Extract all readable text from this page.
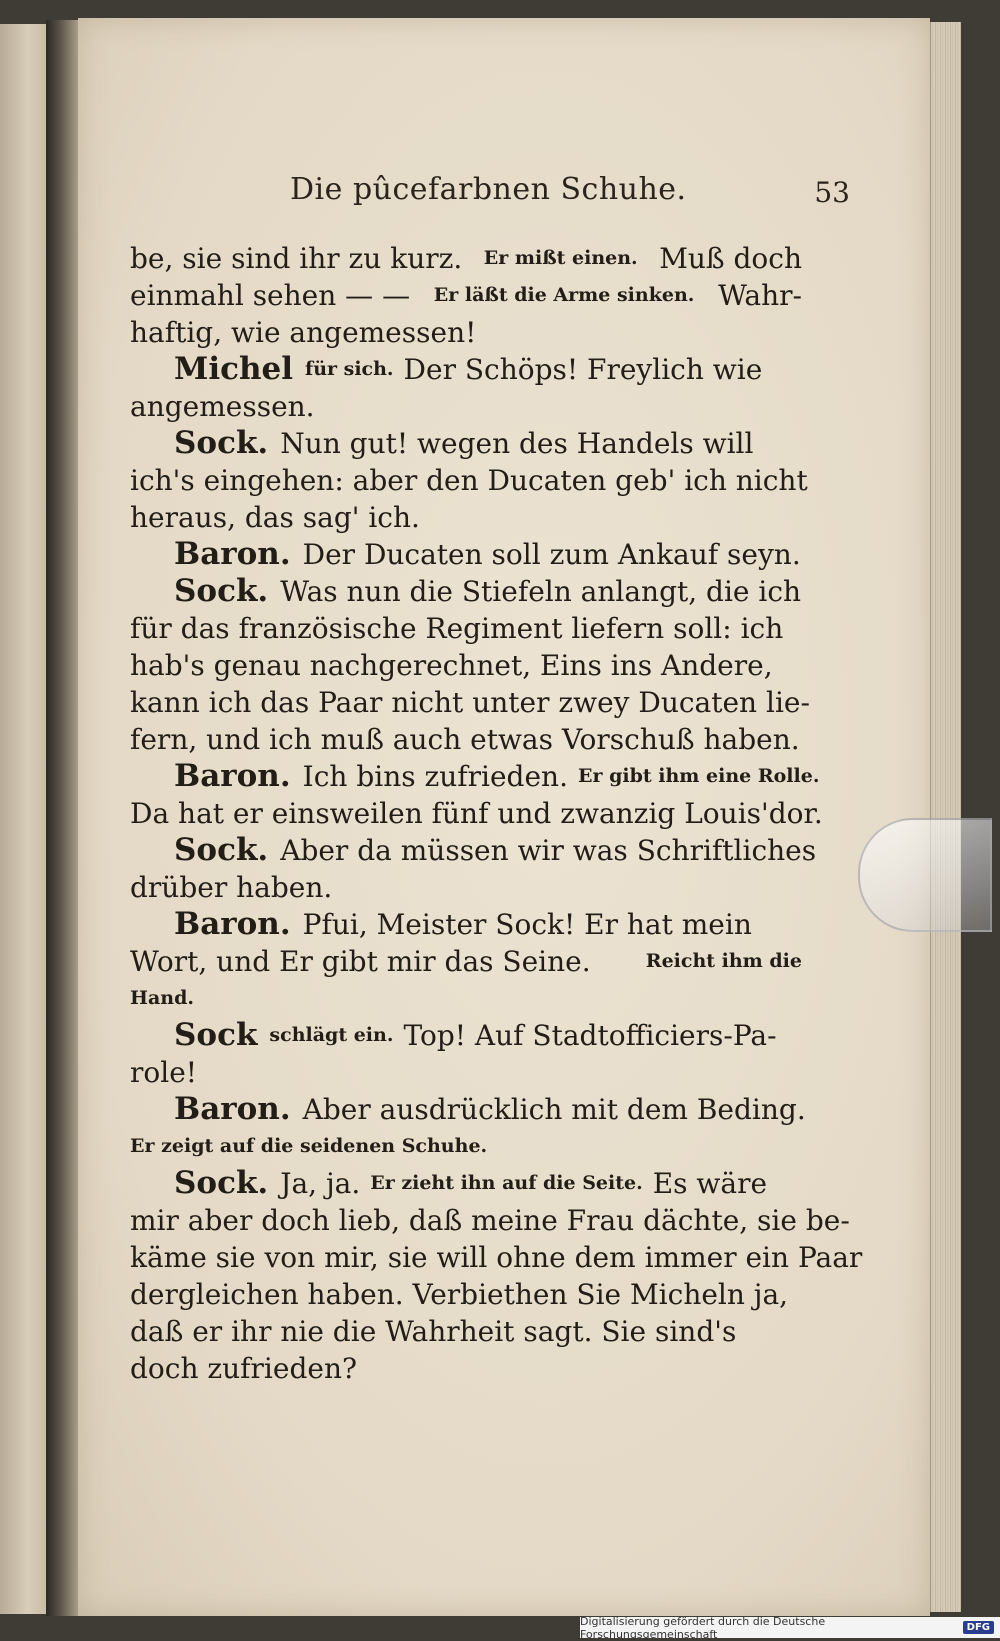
Die pûcefarbnen Schuhe.	53
be, sie sind ihr zu kurz. Er mißt einen. Muß doch
einmahl sehen — — Er läßt die Arme sinken. Wahr-
haftig, wie angemessen!
Michel für sich. Der Schöps! Freylich wie
angemessen.
Sock. Nun gut! wegen des Handels will
ich's eingehen: aber den Ducaten geb' ich nicht
heraus, das sag' ich.
Baron. Der Ducaten soll zum Ankauf seyn.
Sock. Was nun die Stiefeln anlangt, die ich
für das französische Regiment liefern soll: ich
hab's genau nachgerechnet, Eins ins Andere,
kann ich das Paar nicht unter zwey Ducaten lie-
fern, und ich muß auch etwas Vorschuß haben.
Baron. Ich bins zufrieden. Er gibt ihm eine Rolle.
Da hat er einsweilen fünf und zwanzig Louis'dor.
Sock. Aber da müssen wir was Schriftliches
drüber haben.
Baron. Pfui, Meister Sock! Er hat mein
Wort, und Er gibt mir das Seine.	Reicht ihm die
Hand.
Sock schlägt ein. Top! Auf Stadtofficiers-Pa-
role!
Baron. Aber ausdrücklich mit dem Beding.
Er zeigt auf die seidenen Schuhe.
Sock. Ja, ja. Er zieht ihn auf die Seite. Es wäre
mir aber doch lieb, daß meine Frau dächte, sie be-
käme sie von mir, sie will ohne dem immer ein Paar
dergleichen haben. Verbiethen Sie Micheln ja,
daß er ihr nie die Wahrheit sagt. Sie sind's
doch zufrieden?
Digitalisierung gefördert durch die Deutsche Forschungsgemeinschaft	DFG
